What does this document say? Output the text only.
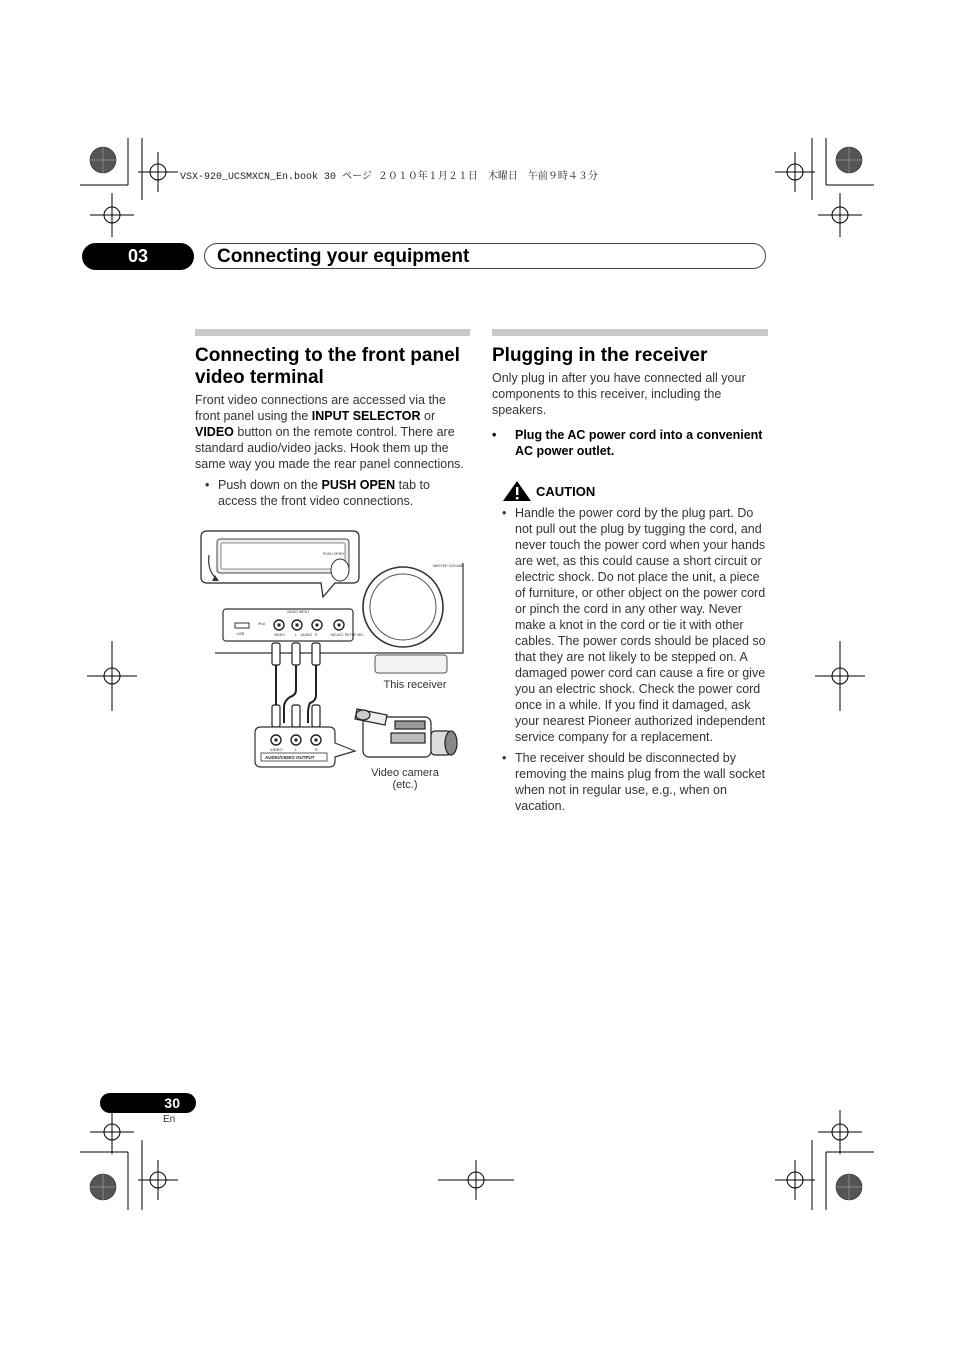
VSX-920_UCSMXCN_En.book 30 ページ ２０１０年１月２１日　木曜日　午前９時４３分
03	Connecting your equipment
Connecting to the front panel video terminal

Front video connections are accessed via the front panel using the INPUT SELECTOR or VIDEO button on the remote control. There are standard audio/video jacks. Hook them up the same way you made the rear panel connections.

• Push down on the PUSH OPEN tab to access the front video connections.
PUSH OPEN
MASTER VOLUME
VIDEO INPUT
USB
iPod
VIDEO	AUDIO
L	R	MCACC SETUP MIC
VIDEO	L	R
AUDIO/VIDEO OUTPUT
This receiver
Video camera
(etc.)
Plugging in the receiver

Only plug in after you have connected all your components to this receiver, including the speakers.

• Plug the AC power cord into a convenient AC power outlet.
CAUTION
• Handle the power cord by the plug part. Do not pull out the plug by tugging the cord, and never touch the power cord when your hands are wet, as this could cause a short circuit or electric shock. Do not place the unit, a piece of furniture, or other object on the power cord or pinch the cord in any other way. Never make a knot in the cord or tie it with other cables. The power cords should be placed so that they are not likely to be stepped on. A damaged power cord can cause a fire or give you an electric shock. Check the power cord once in a while. If you find it damaged, ask your nearest Pioneer authorized independent service company for a replacement.
• The receiver should be disconnected by removing the mains plug from the wall socket when not in regular use, e.g., when on vacation.
30
En
